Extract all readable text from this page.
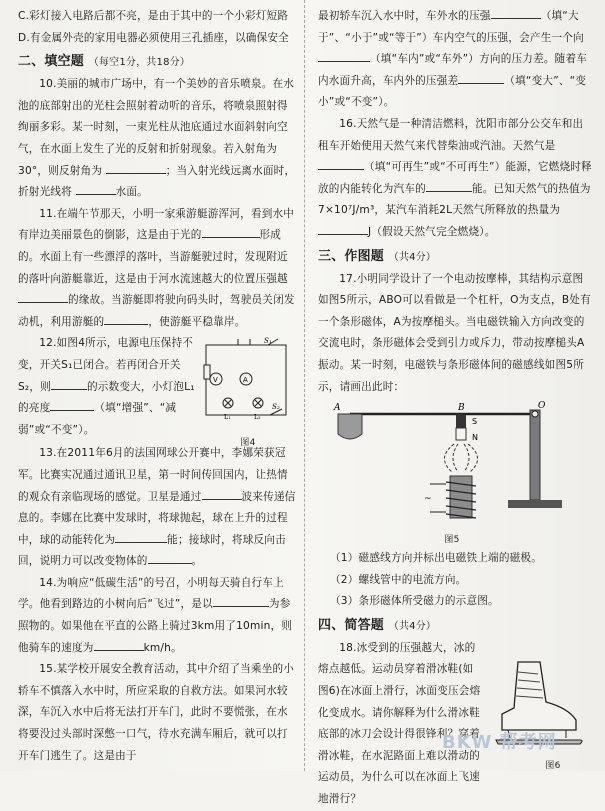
C.彩灯接入电路后都不亮，是由于其中的一个小彩灯短路

D.有金属外壳的家用电器必须使用三孔插座，以确保安全

二、填空题 （每空1分，共18分）

10.美丽的城市广场中，有一个美妙的音乐喷泉。在水池的底部射出的光柱会照射着动听的音乐，将喷泉照射得绚丽多彩。某一时刻，一束光柱从池底通过水面斜射向空气，在水面上发生了光的反射和折射现象。若入射角为30°，则反射角为	；当入射光线远离水面时，折射光线将	水面。

11.在端午节那天，小明一家乘游艇游浑河，看到水中有岸边美丽景色的倒影，这是由于光的	形成的。水面上有一些漂浮的落叶，当游艇驶过时，发现附近的落叶向游艇靠近，这是由于河水流速越大的位置压强越的缘故。当游艇即将驶向码头时，驾驶员关闭发动机，利用游艇的	，使游艇平稳靠岸。

12.如图4所示，电源电压保持不变，开关S₁已闭合。若再闭合开关S₂，则	的示数变大，小灯泡L₁的亮度	（填“增强”、“减弱”或“不变”）。

A
V
S₁
S₂
L₁	L₂
图4

13.在2011年6月的法国网球公开赛中，李娜荣获冠军。比赛实况通过通讯卫星，第一时间传回国内，让热情的观众有亲临现场的感觉。卫星是通过	波来传递信息的。李娜在比赛中发球时，将球抛起，球在上升的过程中，球的动能转化为	能；接球时，将球反向击回，说明力可以改变物体的	。

14.为响应“低碳生活”的号召，小明每天骑自行车上学。他看到路边的小树向后“飞过”，是以	为参照物的。如果他在平直的公路上骑过3km用了10min，则他骑车的速度为	km/h。

15.某学校开展安全教育活动，其中介绍了当乘坐的小轿车不慎落入水中时，所应采取的自救方法。如果河水较深，车沉入水中后将无法打开车门，此时不要慌张，在水将要没过头部时深憋一口气，待水充满车厢后，就可以打开车门逃生了。这是由于

最初轿车沉入水中时，车外水的压强	（填“大于”、“小于”或“等于”）车内空气的压强，会产生一个向（填“车内”或“车外”）方向的压力差。随着车内水面升高，车内外的压强差	（填“变大”、“变小”或“不变”）。

16.天然气是一种清洁燃料，沈阳市部分公交车和出租车开始使用天然气来代替柴油或汽油。天然气是（填“可再生”或“不可再生”）能源，它燃烧时释放的内能转化为汽车的	能。已知天然气的热值为7×10⁷J/m³，某汽车消耗2L天然气所释放的热量为J（假设天然气完全燃烧）。

三、作图题 （共4分）

17.小明同学设计了一个电动按摩棒，其结构示意图如图5所示，ABO可以看做是一个杠杆，O为支点，B处有一个条形磁体，A为按摩槌头。当电磁铁输入方向改变的交流电时，条形磁体会受到引力或斥力，带动按摩槌头A振动。某一时刻，电磁铁与条形磁体间的磁感线如图5所示，请画出此时：

A	B
S
N
~
O
图5

（1）磁感线方向并标出电磁铁上端的磁极。

（2）螺线管中的电流方向。

（3）条形磁体所受磁力的示意图。

四、简答题 （共4分）

18.冰受到的压强越大，冰的熔点越低。运动员穿着滑冰鞋(如图6)在冰面上滑行，冰面变压会熔化变成水。请你解释为什么滑冰鞋底部的冰刀会设计得很锋利？穿着滑冰鞋，在水泥路面上难以滑动的运动员，为什么可以在冰面上飞速地滑行？

图6
BKW 帮考网
